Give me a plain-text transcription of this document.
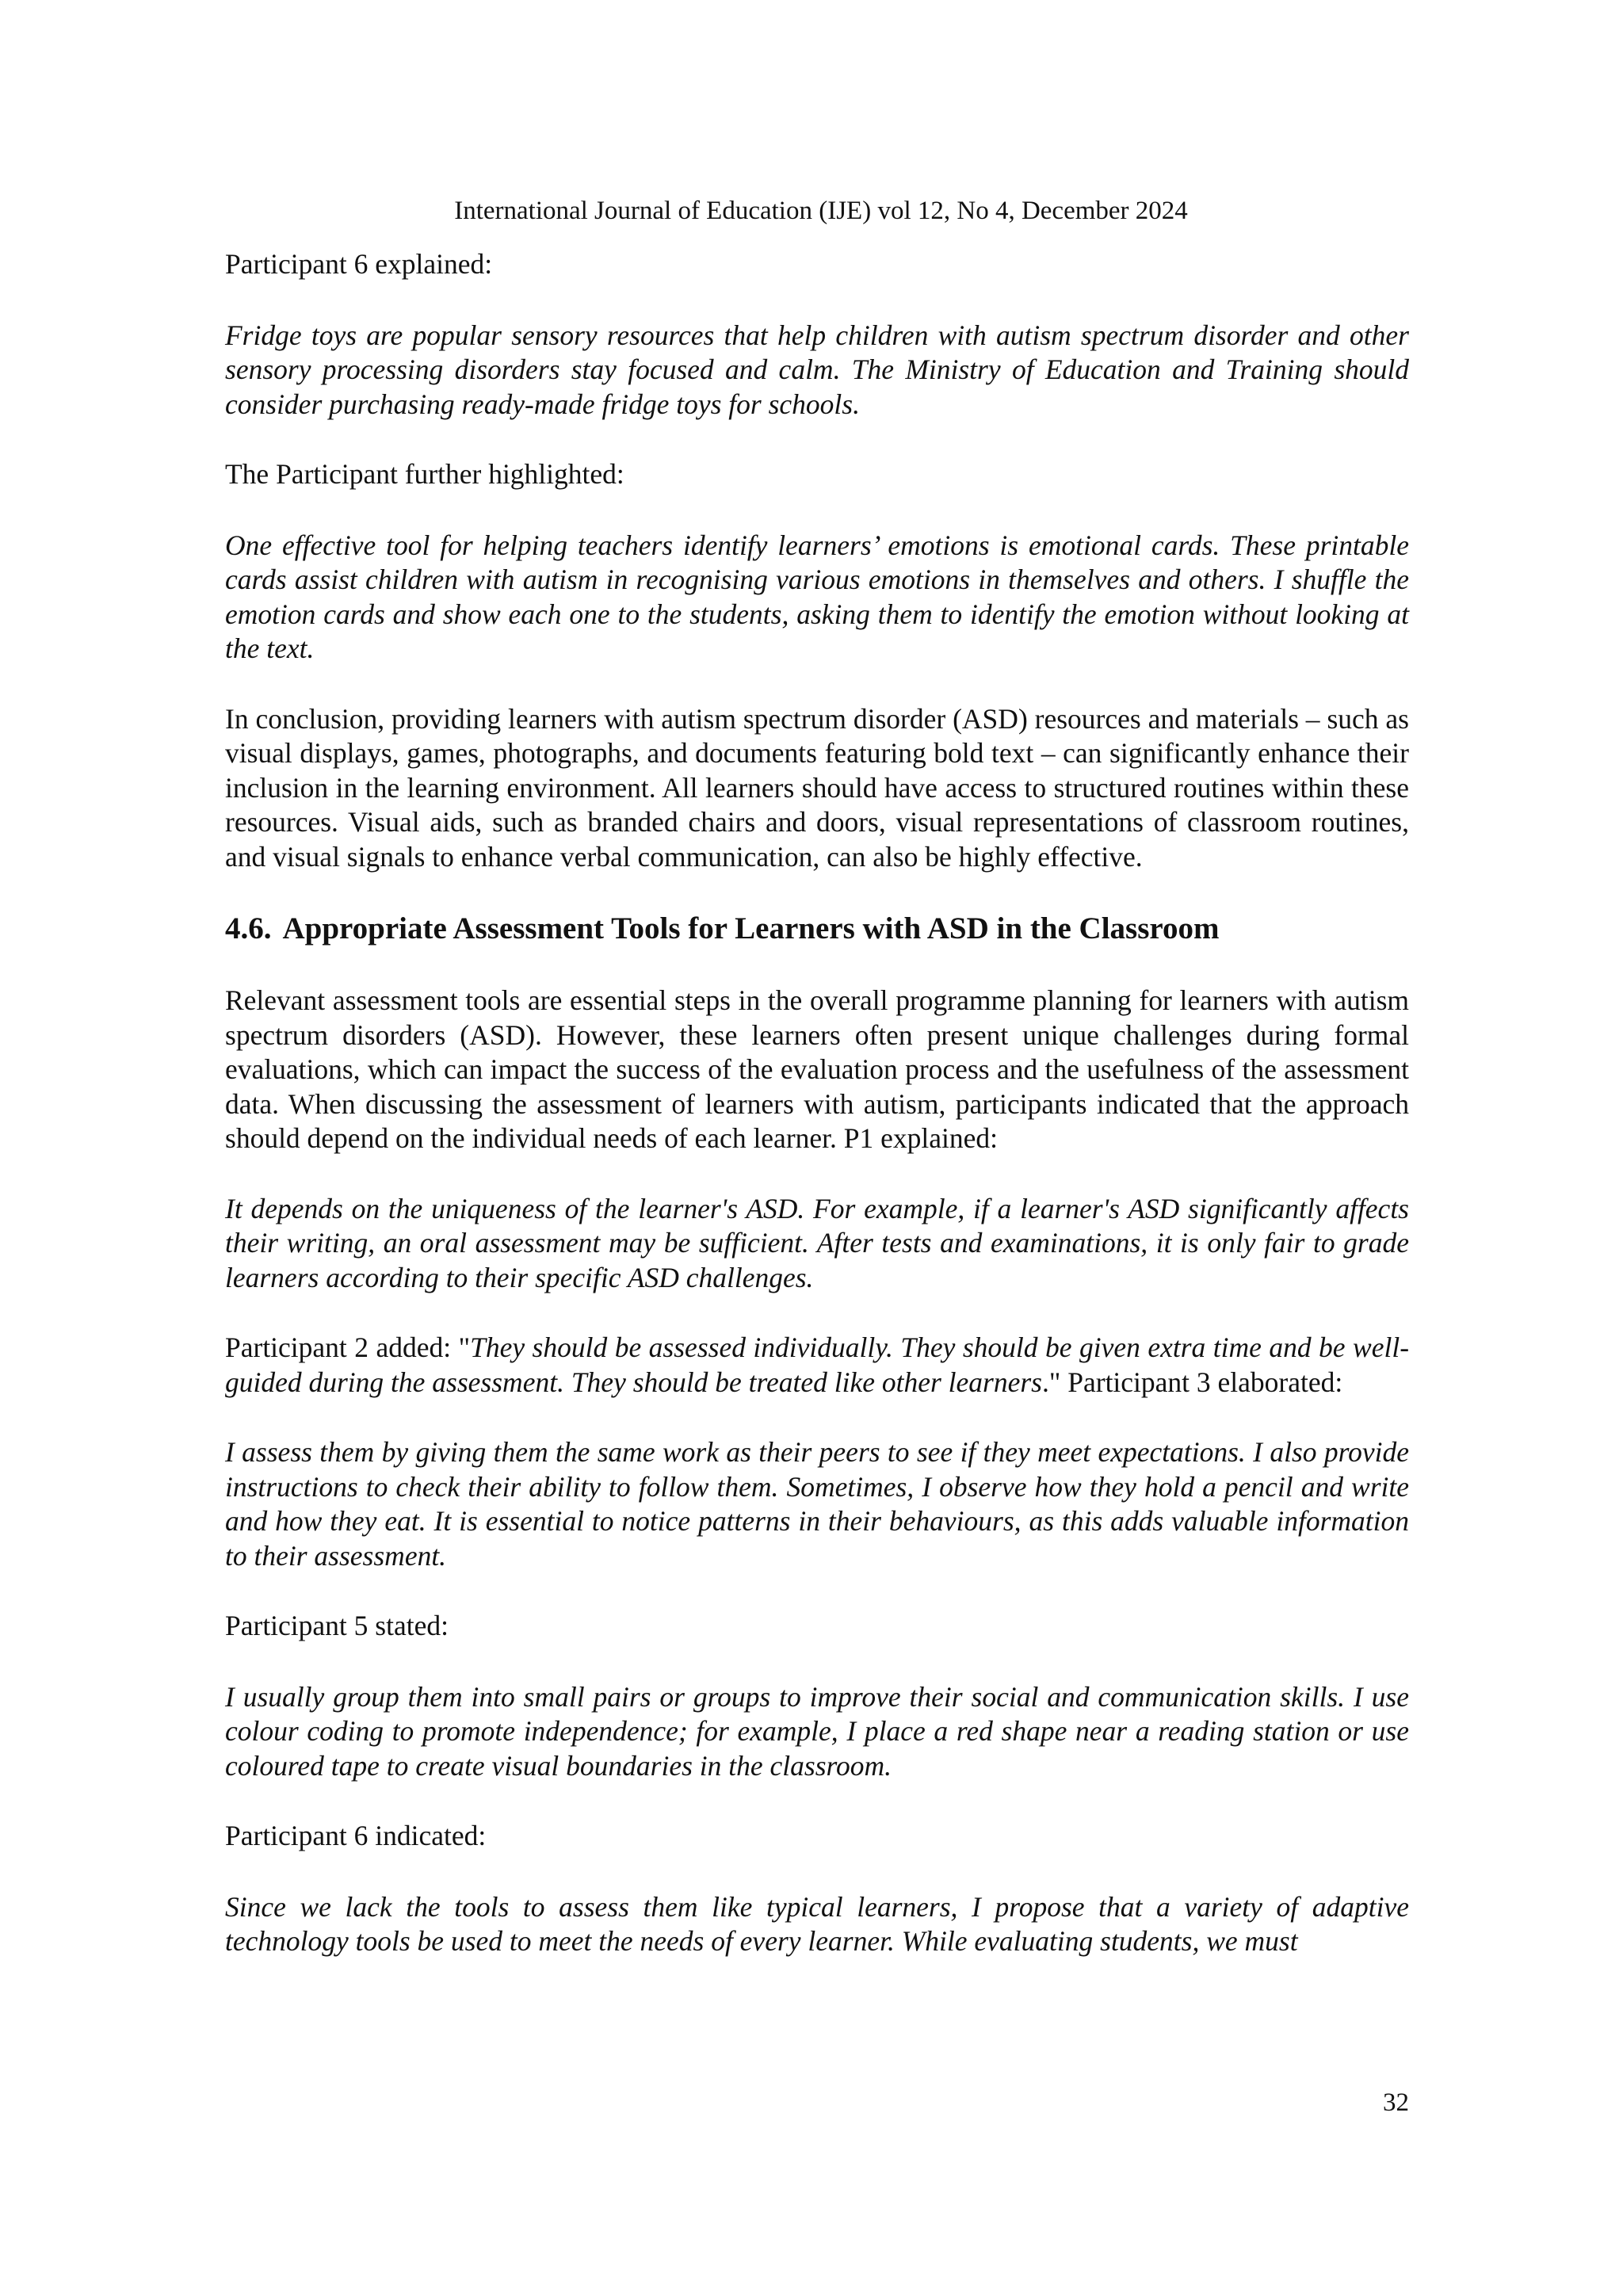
International Journal of Education (IJE) vol 12, No 4, December 2024

Participant 6 explained:

Fridge toys are popular sensory resources that help children with autism spectrum disorder and other sensory processing disorders stay focused and calm. The Ministry of Education and Training should consider purchasing ready-made fridge toys for schools.

The Participant further highlighted:

One effective tool for helping teachers identify learners’ emotions is emotional cards. These printable cards assist children with autism in recognising various emotions in themselves and others. I shuffle the emotion cards and show each one to the students, asking them to identify the emotion without looking at the text.

In conclusion, providing learners with autism spectrum disorder (ASD) resources and materials – such as visual displays, games, photographs, and documents featuring bold text – can significantly enhance their inclusion in the learning environment. All learners should have access to structured routines within these resources. Visual aids, such as branded chairs and doors, visual representations of classroom routines, and visual signals to enhance verbal communication, can also be highly effective.

4.6. Appropriate Assessment Tools for Learners with ASD in the Classroom

Relevant assessment tools are essential steps in the overall programme planning for learners with autism spectrum disorders (ASD). However, these learners often present unique challenges during formal evaluations, which can impact the success of the evaluation process and the usefulness of the assessment data. When discussing the assessment of learners with autism, participants indicated that the approach should depend on the individual needs of each learner. P1 explained:

It depends on the uniqueness of the learner's ASD. For example, if a learner's ASD significantly affects their writing, an oral assessment may be sufficient. After tests and examinations, it is only fair to grade learners according to their specific ASD challenges.

Participant 2 added: "They should be assessed individually. They should be given extra time and be well-guided during the assessment. They should be treated like other learners." Participant 3 elaborated:

I assess them by giving them the same work as their peers to see if they meet expectations. I also provide instructions to check their ability to follow them. Sometimes, I observe how they hold a pencil and write and how they eat. It is essential to notice patterns in their behaviours, as this adds valuable information to their assessment.

Participant 5 stated:

I usually group them into small pairs or groups to improve their social and communication skills. I use colour coding to promote independence; for example, I place a red shape near a reading station or use coloured tape to create visual boundaries in the classroom.

Participant 6 indicated:

Since we lack the tools to assess them like typical learners, I propose that a variety of adaptive technology tools be used to meet the needs of every learner. While evaluating students, we must

32
